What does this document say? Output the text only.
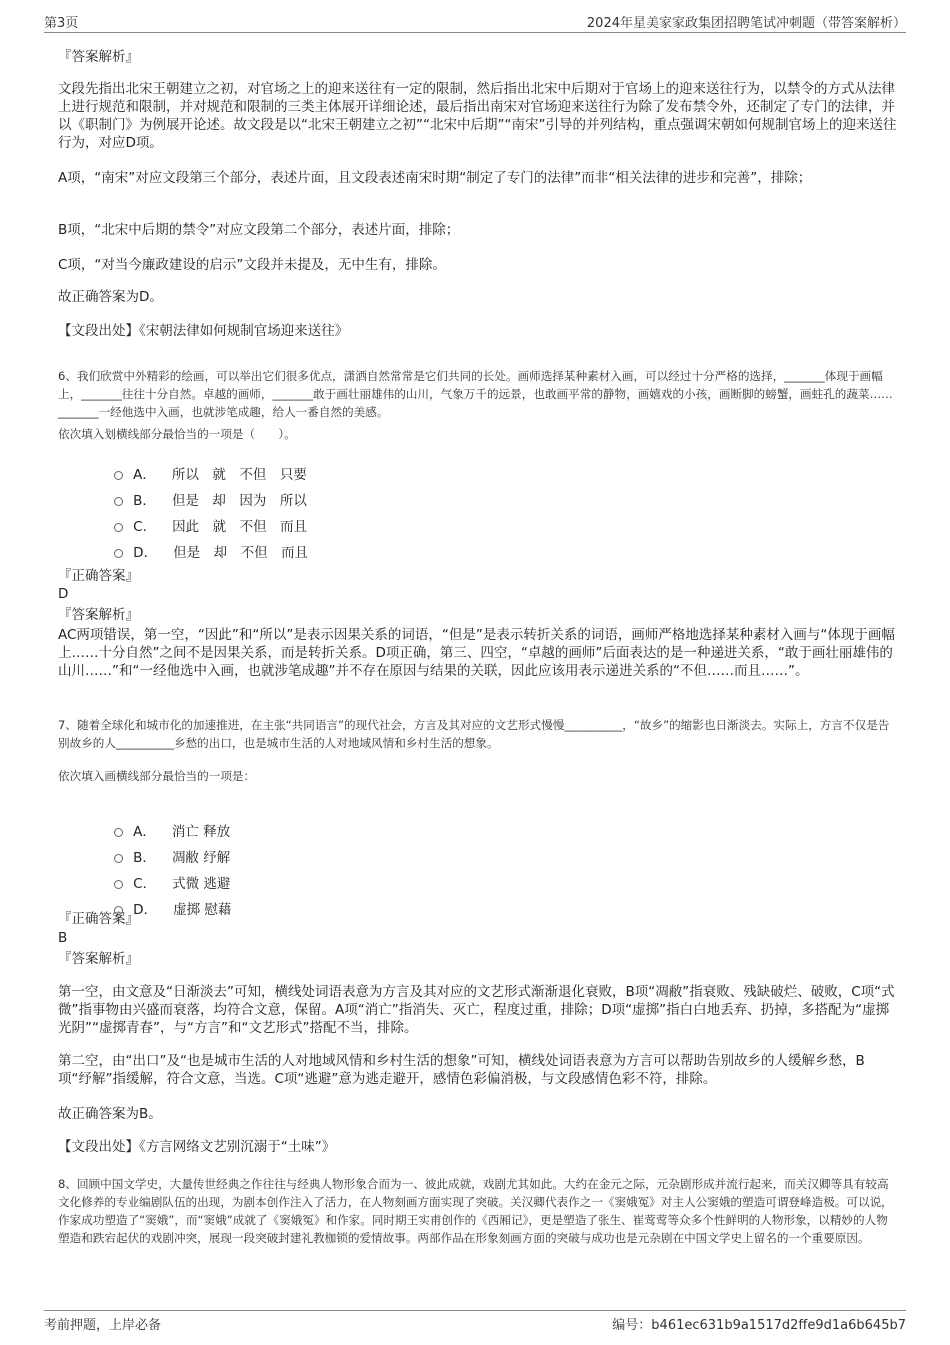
第3页	2024年星美家家政集团招聘笔试冲刺题（带答案解析）

『答案解析』

文段先指出北宋王朝建立之初，对官场之上的迎来送往有一定的限制，然后指出北宋中后期对于官场上的迎来送往行为，以禁令的方式从法律上进行规范和限制，并对规范和限制的三类主体展开详细论述，最后指出南宋对官场迎来送往行为除了发布禁令外，还制定了专门的法律，并以《职制门》为例展开论述。故文段是以“北宋王朝建立之初”“北宋中后期”“南宋”引导的并列结构，重点强调宋朝如何规制官场上的迎来送往行为，对应D项。

A项，“南宋”对应文段第三个部分，表述片面，且文段表述南宋时期“制定了专门的法律”而非“相关法律的进步和完善”，排除；

B项，“北宋中后期的禁令”对应文段第二个部分，表述片面，排除；

C项，“对当今廉政建设的启示”文段并未提及，无中生有，排除。

故正确答案为D。

【文段出处】《宋朝法律如何规制官场迎来送往》

6、我们欣赏中外精彩的绘画，可以举出它们很多优点，潇洒自然常常是它们共同的长处。画师选择某种素材入画，可以经过十分严格的选择，_______体现于画幅上，_______往往十分自然。卓越的画师，_______敢于画壮丽雄伟的山川，气象万千的远景，也敢画平常的静物，画嬉戏的小孩，画断脚的螃蟹，画蛀孔的蔬菜……_______一经他选中入画，也就涉笔成趣，给人一番自然的美感。

依次填入划横线部分最恰当的一项是（　　）。

A． 所以　就　不但　只要

B． 但是　却　因为　所以

C． 因此　就　不但　而且

D． 但是　却　不但　而且

『正确答案』

D

『答案解析』

AC两项错误，第一空，“因此”和“所以”是表示因果关系的词语，“但是”是表示转折关系的词语，画师严格地选择某种素材入画与“体现于画幅上……十分自然”之间不是因果关系，而是转折关系。D项正确，第三、四空，“卓越的画师”后面表达的是一种递进关系，“敢于画壮丽雄伟的山川……”和“一经他选中入画，也就涉笔成趣”并不存在原因与结果的关联，因此应该用表示递进关系的“不但……而且……”。

7、随着全球化和城市化的加速推进，在主张“共同语言”的现代社会，方言及其对应的文艺形式慢慢__________，“故乡”的缩影也日渐淡去。实际上，方言不仅是告别故乡的人__________乡愁的出口，也是城市生活的人对地域风情和乡村生活的想象。

依次填入画横线部分最恰当的一项是：

A． 消亡 释放

B． 凋敝 纾解

C． 式微 逃避

D． 虚掷 慰藉

『正确答案』

B

『答案解析』

第一空，由文意及“日渐淡去”可知，横线处词语表意为方言及其对应的文艺形式渐渐退化衰败，B项“凋敝”指衰败、残缺破烂、破败，C项“式微”指事物由兴盛而衰落，均符合文意，保留。A项“消亡”指消失、灭亡，程度过重，排除；D项“虚掷”指白白地丢弃、扔掉，多搭配为“虚掷光阴”“虚掷青春”，与“方言”和“文艺形式”搭配不当，排除。

第二空，由“出口”及“也是城市生活的人对地域风情和乡村生活的想象”可知，横线处词语表意为方言可以帮助告别故乡的人缓解乡愁，B项“纾解”指缓解，符合文意，当选。C项“逃避”意为逃走避开，感情色彩偏消极，与文段感情色彩不符，排除。

故正确答案为B。

【文段出处】《方言网络文艺别沉溺于“土味”》

8、回顾中国文学史，大量传世经典之作往往与经典人物形象合而为一、彼此成就，戏剧尤其如此。大约在金元之际，元杂剧形成并流行起来，而关汉卿等具有较高文化修养的专业编剧队伍的出现，为剧本创作注入了活力，在人物刻画方面实现了突破。关汉卿代表作之一《窦娥冤》对主人公窦娥的塑造可谓登峰造极。可以说，作家成功塑造了“窦娥”，而“窦娥”成就了《窦娥冤》和作家。同时期王实甫创作的《西厢记》，更是塑造了张生、崔莺莺等众多个性鲜明的人物形象，以精妙的人物塑造和跌宕起伏的戏剧冲突，展现一段突破封建礼教枷锁的爱情故事。两部作品在形象刻画方面的突破与成功也是元杂剧在中国文学史上留名的一个重要原因。

考前押题，上岸必备	编号：b461ec631b9a1517d2ffe9d1a6b645b7
